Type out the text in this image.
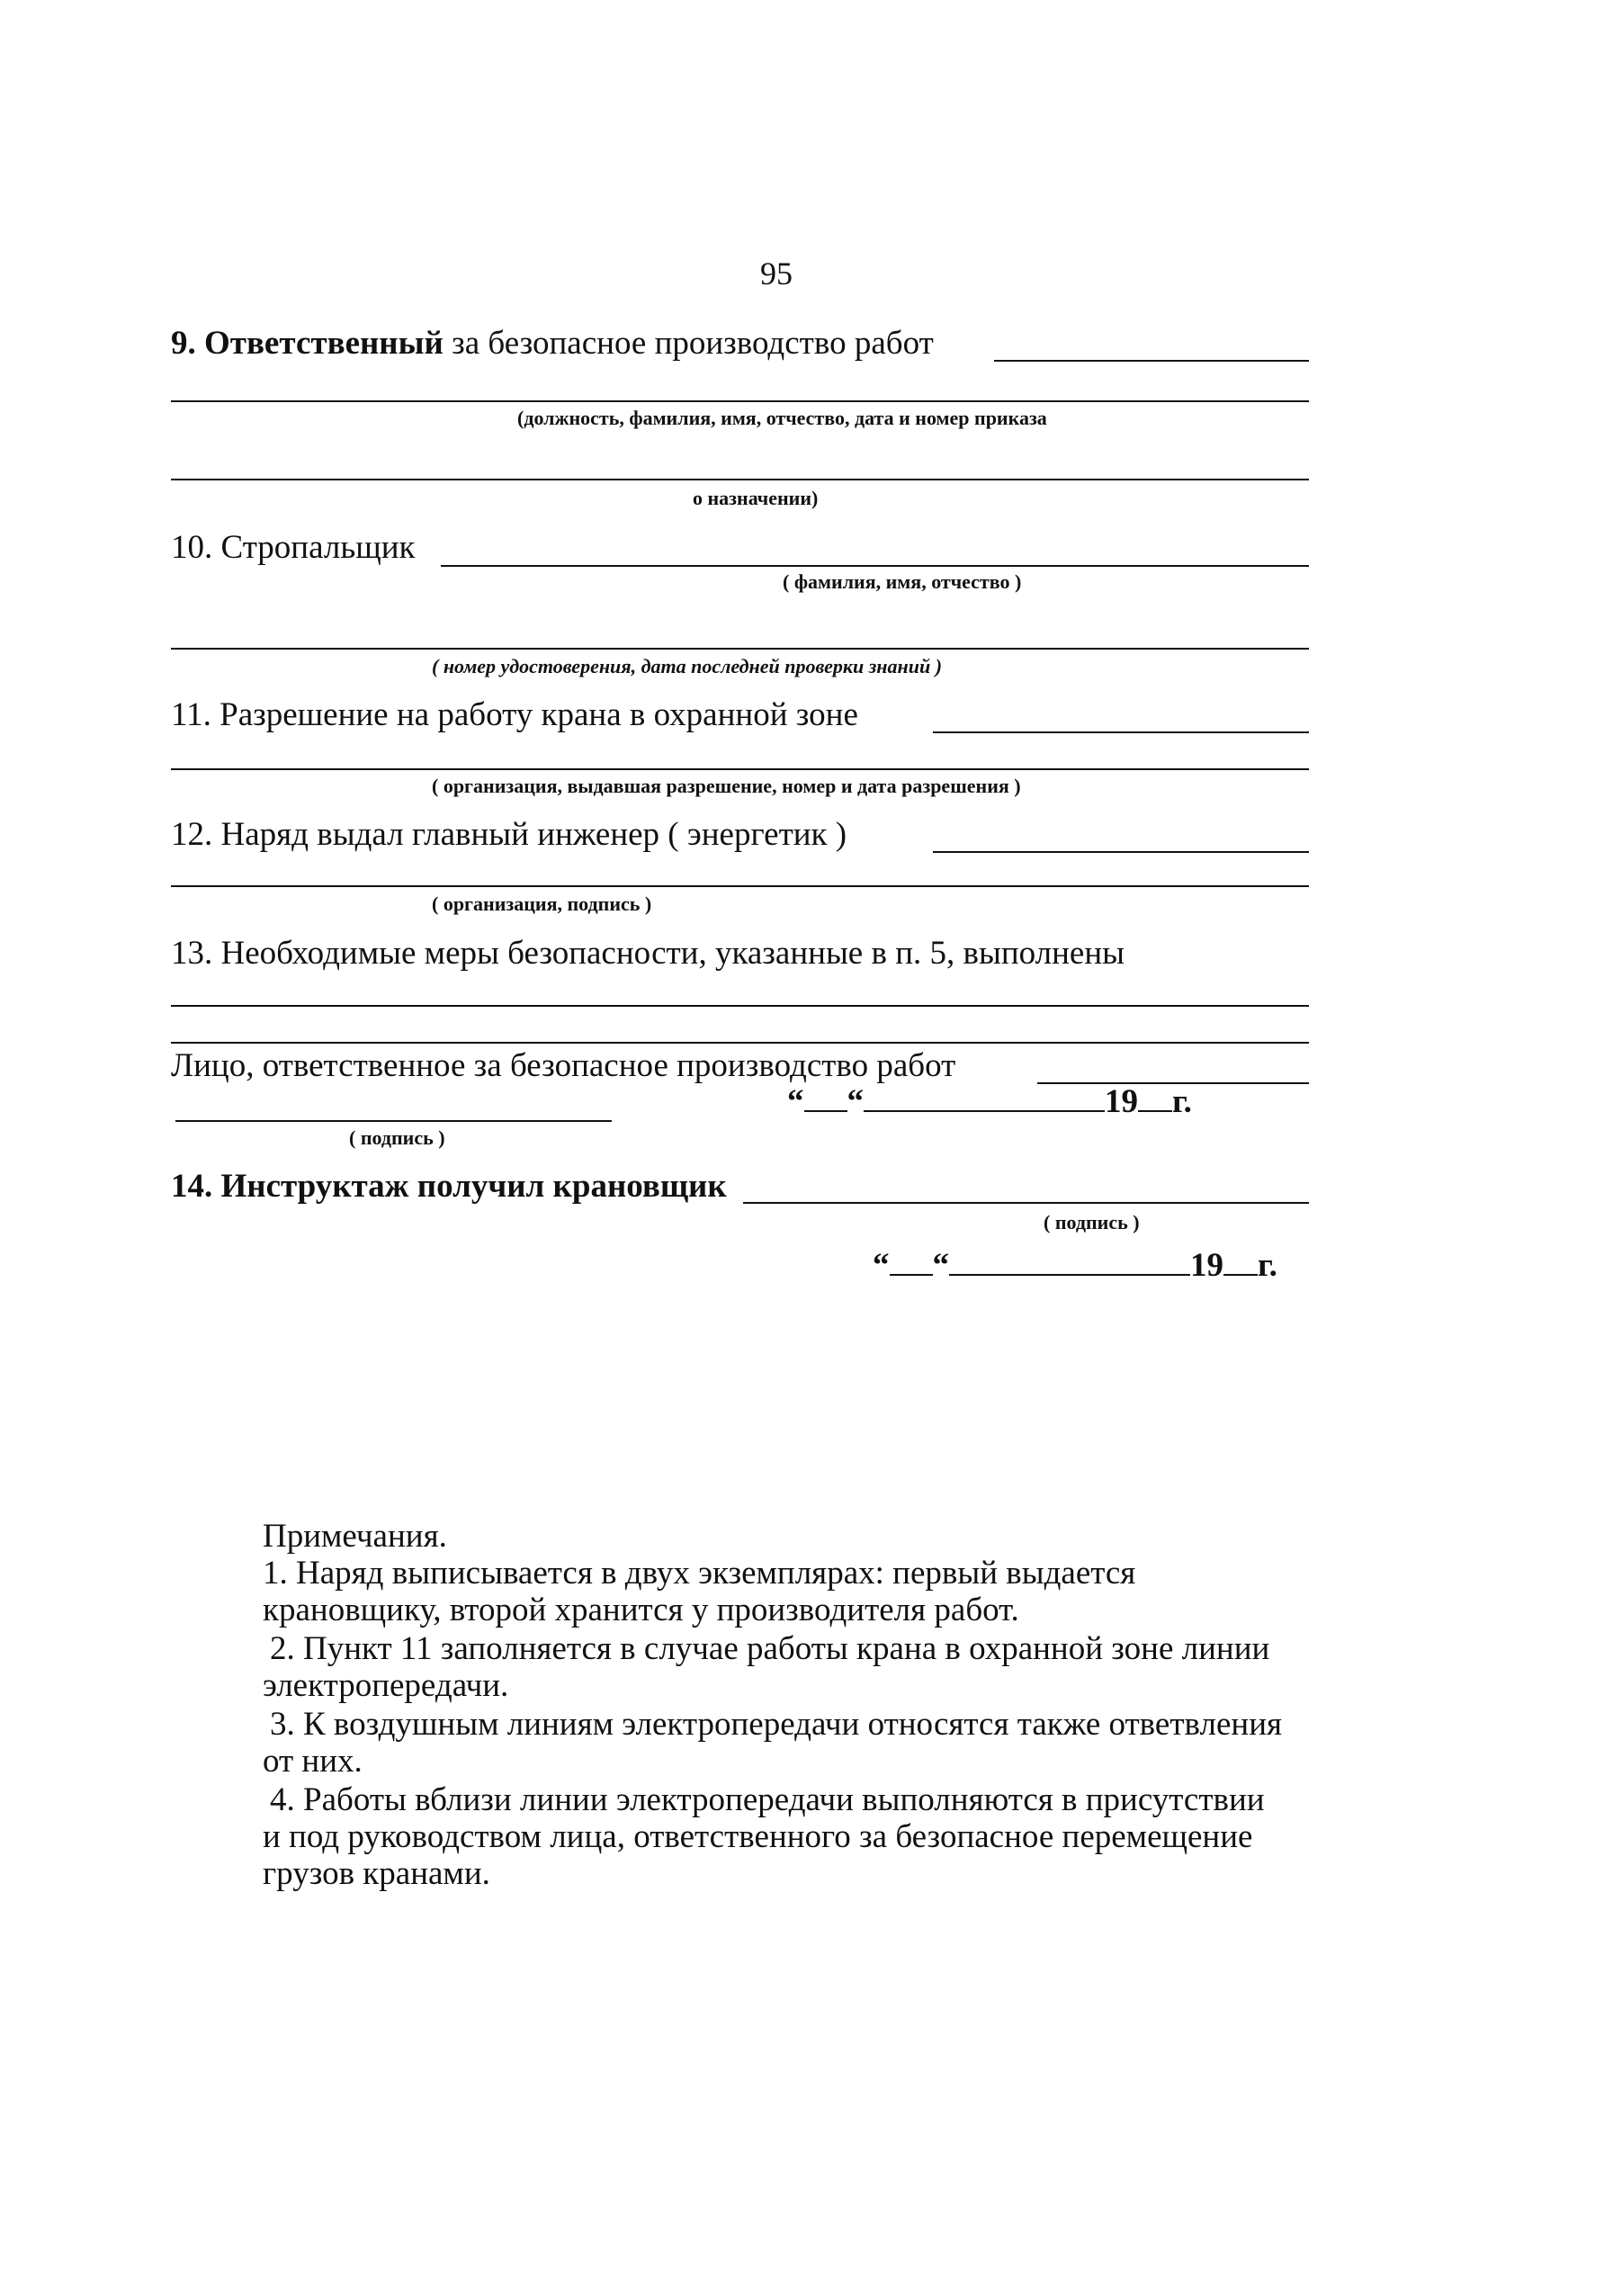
95
9. Ответственный за безопасное производство работ
(должность, фамилия, имя, отчество, дата и номер приказа
о назначении)
10. Стропальщик
( фамилия, имя, отчество )
( номер удостоверения, дата последней проверки знаний )
11. Разрешение на работу крана в охранной зоне
( организация, выдавшая разрешение, номер и дата разрешения )
12. Наряд выдал главный инженер ( энергетик )
( организация, подпись )
13. Необходимые меры безопасности, указанные в п. 5, выполнены
Лицо, ответственное за безопасное производство работ
“ “	19 г.
( подпись )
14. Инструктаж получил крановщик
( подпись )
“ “	19 г.
Примечания.
1. Наряд выписывается в двух экземплярах: первый выдается
крановщику, второй хранится у производителя работ.
2. Пункт 11 заполняется в случае работы крана в охранной зоне линии
электропередачи.
3. К воздушным линиям электропередачи относятся также ответвления
от них.
4. Работы вблизи линии электропередачи выполняются в присутствии
и под руководством лица, ответственного за безопасное перемещение
грузов кранами.
